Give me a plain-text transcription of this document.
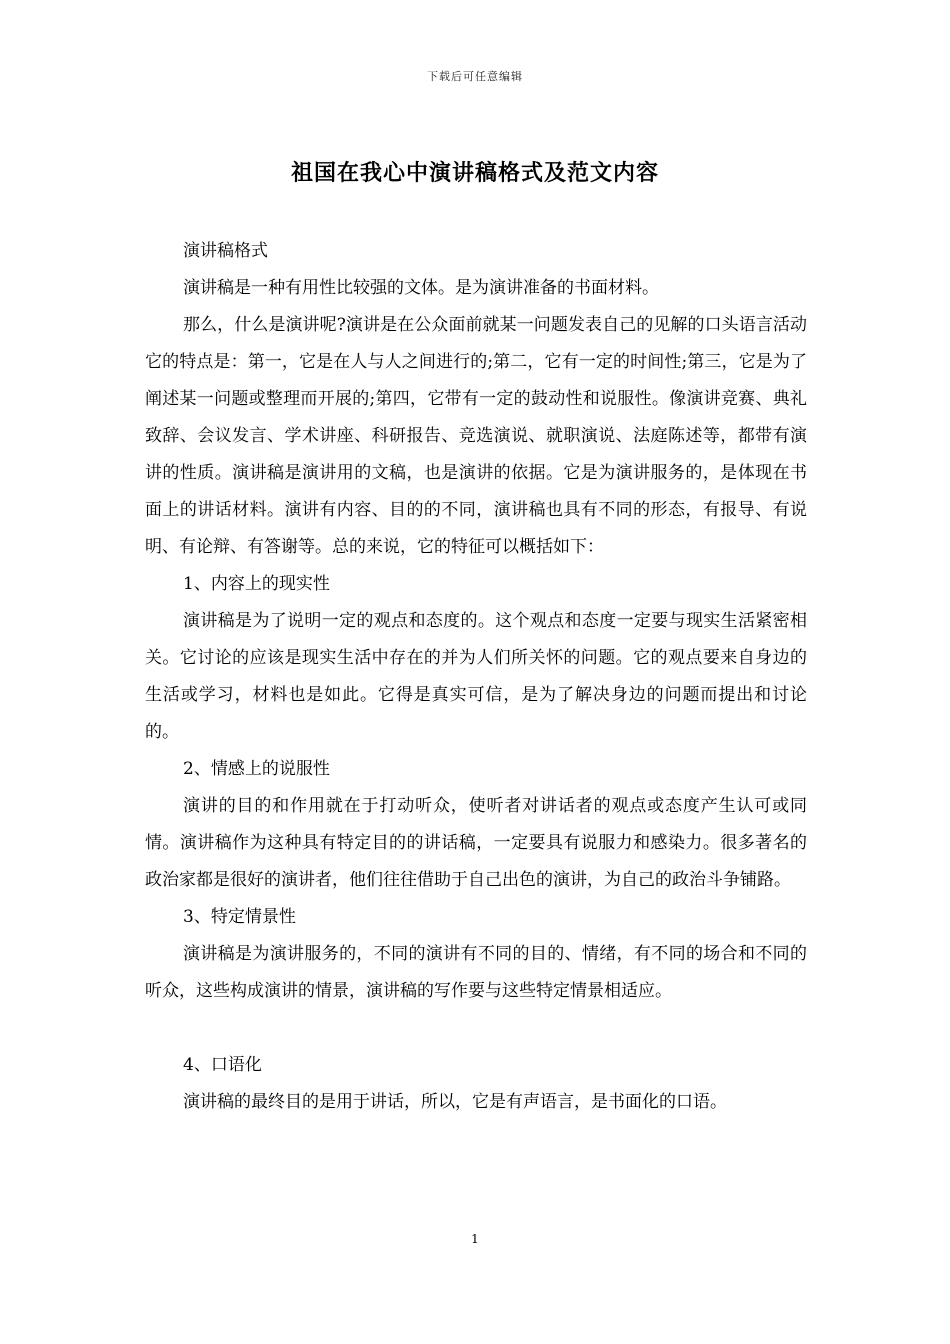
下载后可任意编辑
祖国在我心中演讲稿格式及范文内容

演讲稿格式

演讲稿是一种有用性比较强的文体。是为演讲准备的书面材料。

那么，什么是演讲呢?演讲是在公众面前就某一问题发表自己的见解的口头语言活动它的特点是：第一，它是在人与人之间进行的;第二，它有一定的时间性;第三，它是为了阐述某一问题或整理而开展的;第四，它带有一定的鼓动性和说服性。像演讲竞赛、典礼致辞、会议发言、学术讲座、科研报告、竞选演说、就职演说、法庭陈述等，都带有演讲的性质。演讲稿是演讲用的文稿，也是演讲的依据。它是为演讲服务的，是体现在书面上的讲话材料。演讲有内容、目的的不同，演讲稿也具有不同的形态，有报导、有说明、有论辩、有答谢等。总的来说，它的特征可以概括如下：

1、内容上的现实性

演讲稿是为了说明一定的观点和态度的。这个观点和态度一定要与现实生活紧密相关。它讨论的应该是现实生活中存在的并为人们所关怀的问题。它的观点要来自身边的生活或学习，材料也是如此。它得是真实可信，是为了解决身边的问题而提出和讨论的。

2、情感上的说服性

演讲的目的和作用就在于打动听众，使听者对讲话者的观点或态度产生认可或同情。演讲稿作为这种具有特定目的的讲话稿，一定要具有说服力和感染力。很多著名的政治家都是很好的演讲者，他们往往借助于自己出色的演讲，为自己的政治斗争铺路。

3、特定情景性

演讲稿是为演讲服务的，不同的演讲有不同的目的、情绪，有不同的场合和不同的听众，这些构成演讲的情景，演讲稿的写作要与这些特定情景相适应。

4、口语化

演讲稿的最终目的是用于讲话，所以，它是有声语言，是书面化的口语。

1
